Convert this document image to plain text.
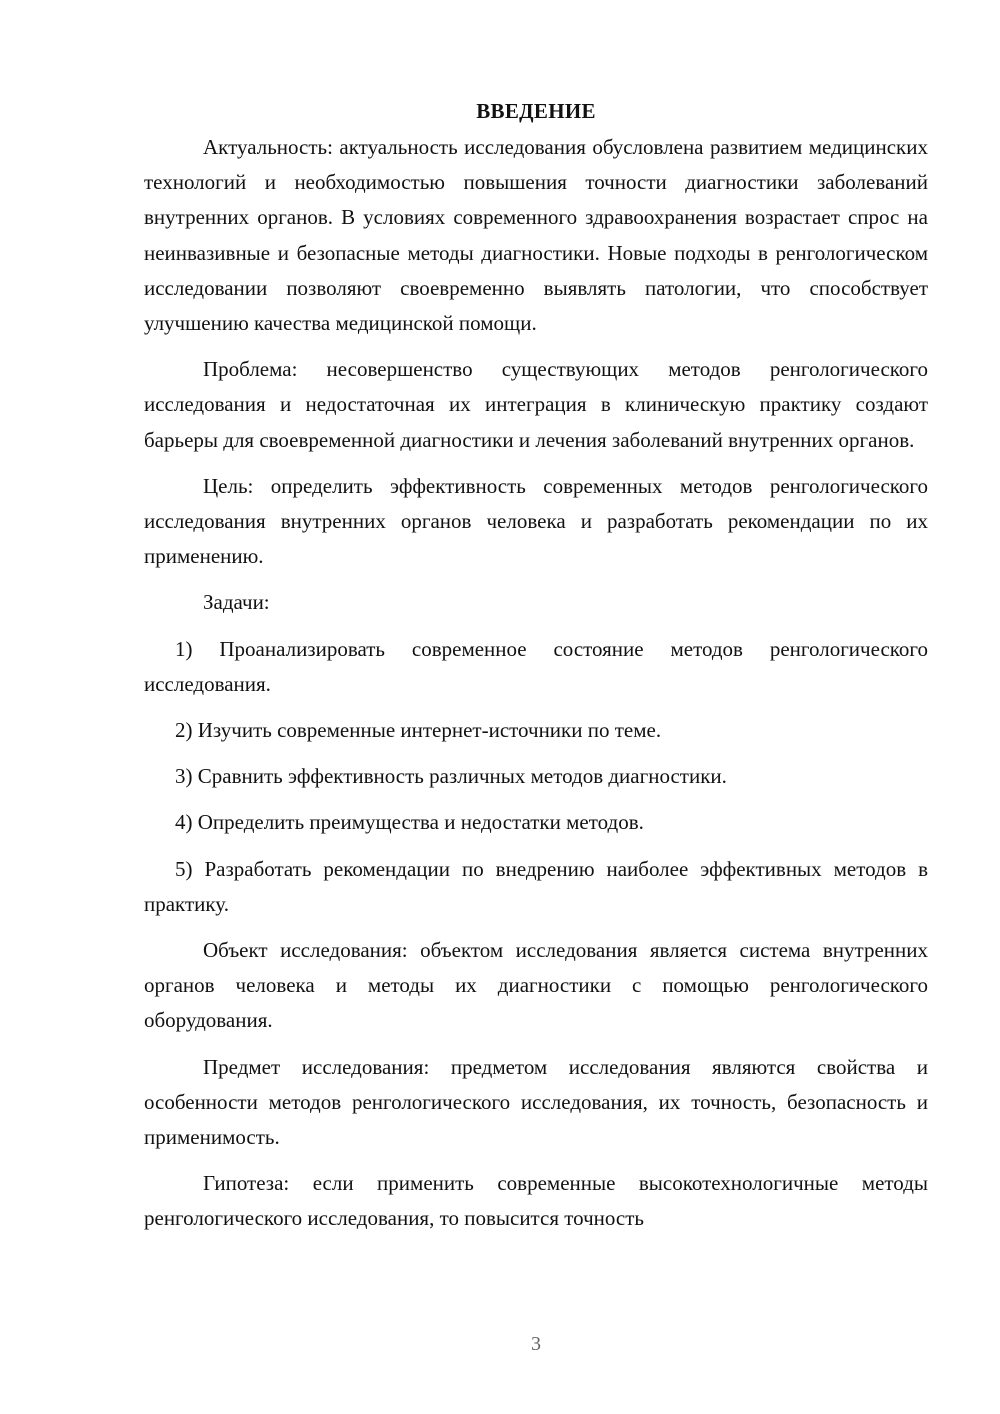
ВВЕДЕНИЕ

Актуальность: актуальность исследования обусловлена развитием медицинских технологий и необходимостью повышения точности диагностики заболеваний внутренних органов. В условиях современного здравоохранения возрастает спрос на неинвазивные и безопасные методы диагностики. Новые подходы в ренгологическом исследовании позволяют своевременно выявлять патологии, что способствует улучшению качества медицинской помощи.

Проблема: несовершенство существующих методов ренгологического исследования и недостаточная их интеграция в клиническую практику создают барьеры для своевременной диагностики и лечения заболеваний внутренних органов.

Цель: определить эффективность современных методов ренгологического исследования внутренних органов человека и разработать рекомендации по их применению.

Задачи:

1) Проанализировать современное состояние методов ренгологического исследования.

2) Изучить современные интернет-источники по теме.

3) Сравнить эффективность различных методов диагностики.

4) Определить преимущества и недостатки методов.

5) Разработать рекомендации по внедрению наиболее эффективных методов в практику.

Объект исследования: объектом исследования является система внутренних органов человека и методы их диагностики с помощью ренгологического оборудования.

Предмет исследования: предметом исследования являются свойства и особенности методов ренгологического исследования, их точность, безопасность и применимость.

Гипотеза: если применить современные высокотехнологичные методы ренгологического исследования, то повысится точность

3
